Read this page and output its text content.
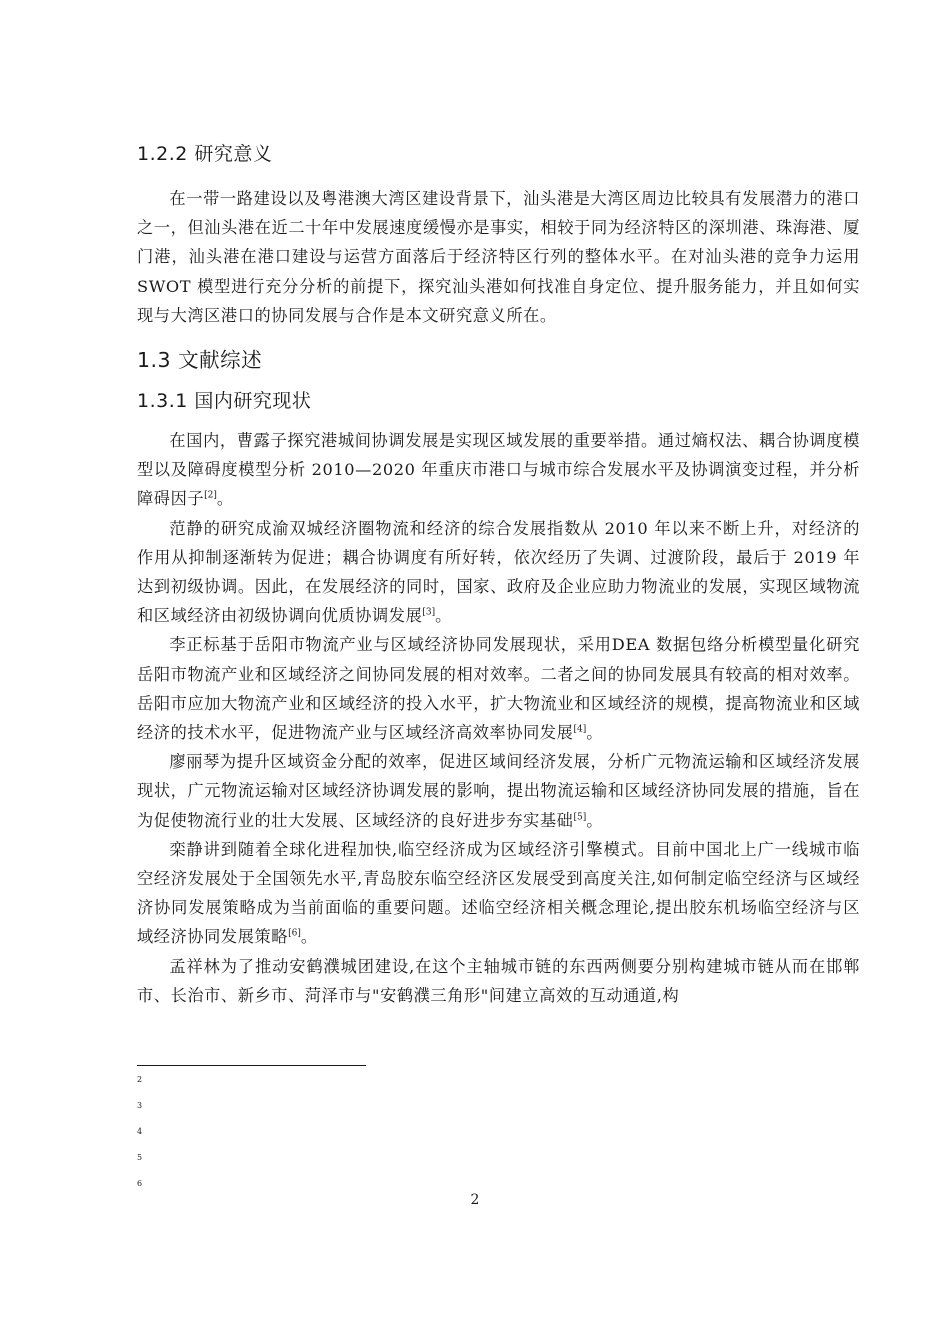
1.2.2 研究意义

在一带一路建设以及粤港澳大湾区建设背景下，汕头港是大湾区周边比较具有发展潜力的港口之一，但汕头港在近二十年中发展速度缓慢亦是事实，相较于同为经济特区的深圳港、珠海港、厦门港，汕头港在港口建设与运营方面落后于经济特区行列的整体水平。在对汕头港的竞争力运用 SWOT 模型进行充分分析的前提下，探究汕头港如何找准自身定位、提升服务能力，并且如何实现与大湾区港口的协同发展与合作是本文研究意义所在。

1.3 文献综述
1.3.1 国内研究现状

在国内，曹露子探究港城间协调发展是实现区域发展的重要举措。通过熵权法、耦合协调度模型以及障碍度模型分析 2010—2020 年重庆市港口与城市综合发展水平及协调演变过程，并分析障碍因子[2]。

范静的研究成渝双城经济圈物流和经济的综合发展指数从 2010 年以来不断上升，对经济的作用从抑制逐渐转为促进；耦合协调度有所好转，依次经历了失调、过渡阶段，最后于 2019 年达到初级协调。因此，在发展经济的同时，国家、政府及企业应助力物流业的发展，实现区域物流和区域经济由初级协调向优质协调发展[3]。

李正标基于岳阳市物流产业与区域经济协同发展现状，采用DEA 数据包络分析模型量化研究岳阳市物流产业和区域经济之间协同发展的相对效率。二者之间的协同发展具有较高的相对效率。岳阳市应加大物流产业和区域经济的投入水平，扩大物流业和区域经济的规模，提高物流业和区域经济的技术水平，促进物流产业与区域经济高效率协同发展[4]。

廖丽琴为提升区域资金分配的效率，促进区域间经济发展，分析广元物流运输和区域经济发展现状，广元物流运输对区域经济协调发展的影响，提出物流运输和区域经济协同发展的措施，旨在为促使物流行业的壮大发展、区域经济的良好进步夯实基础[5]。

栾静讲到随着全球化进程加快,临空经济成为区域经济引擎模式。目前中国北上广一线城市临空经济发展处于全国领先水平,青岛胶东临空经济区发展受到高度关注,如何制定临空经济与区域经济协同发展策略成为当前面临的重要问题。述临空经济相关概念理论,提出胶东机场临空经济与区域经济协同发展策略[6]。

孟祥林为了推动安鹤濮城团建设,在这个主轴城市链的东西两侧要分别构建城市链从而在邯郸市、长治市、新乡市、菏泽市与"安鹤濮三角形"间建立高效的互动通道,构

2
3
4
5
6
2
